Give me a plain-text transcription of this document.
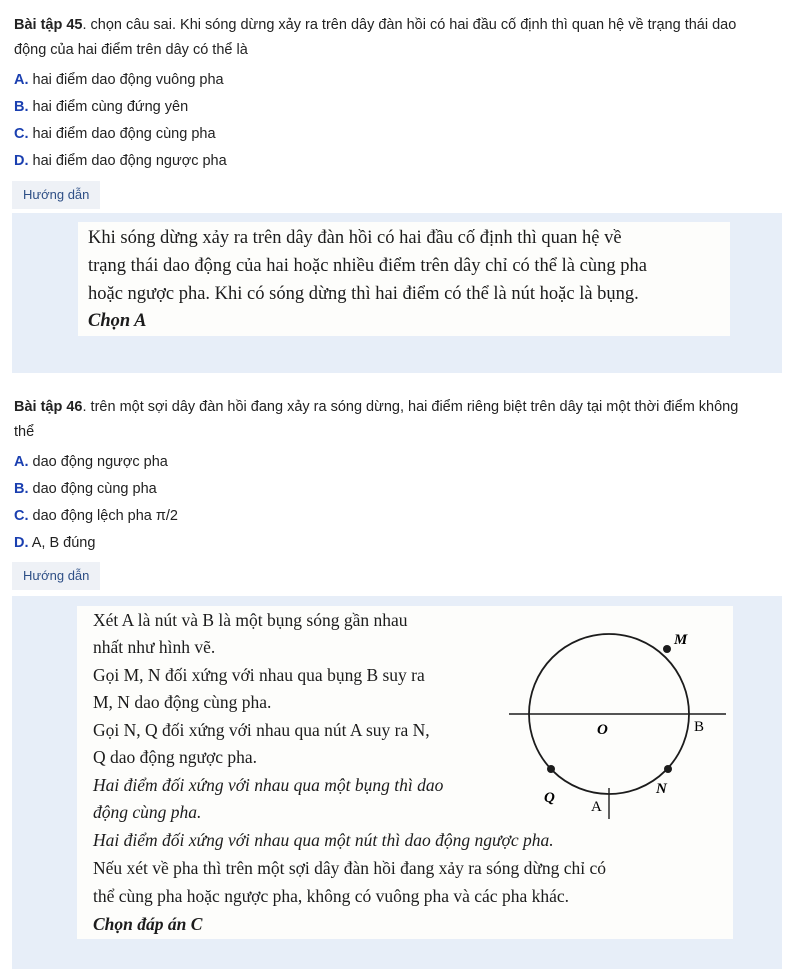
Bài tập 45. chọn câu sai. Khi sóng dừng xảy ra trên dây đàn hồi có hai đầu cố định thì quan hệ về trạng thái dao
động của hai điểm trên dây có thể là
A. hai điểm dao động vuông pha
B. hai điểm cùng đứng yên
C. hai điểm dao động cùng pha
D. hai điểm dao động ngược pha
Hướng dẫn
Khi sóng dừng xảy ra trên dây đàn hồi có hai đầu cố định thì quan hệ về
trạng thái dao động của hai hoặc nhiều điểm trên dây chỉ có thể là cùng pha
hoặc ngược pha. Khi có sóng dừng thì hai điểm có thể là nút hoặc là bụng.
Chọn A
Bài tập 46. trên một sợi dây đàn hồi đang xảy ra sóng dừng, hai điểm riêng biệt trên dây tại một thời điểm không
thể
A. dao động ngược pha
B. dao động cùng pha
C. dao động lệch pha π/2
D. A, B đúng
Hướng dẫn
Xét A là nút và B là một bụng sóng gần nhau
nhất như hình vẽ.
Gọi M, N đối xứng với nhau qua bụng B suy ra
M, N dao động cùng pha.
Gọi N, Q đối xứng với nhau qua nút A suy ra N,
Q dao động ngược pha.
Hai điểm đối xứng với nhau qua một bụng thì dao
động cùng pha.
Hai điểm đối xứng với nhau qua một nút thì dao động ngược pha.
Nếu xét về pha thì trên một sợi dây đàn hồi đang xảy ra sóng dừng chỉ có
thể cùng pha hoặc ngược pha, không có vuông pha và các pha khác.
Chọn đáp án C
M
O	B
Q
N
A
